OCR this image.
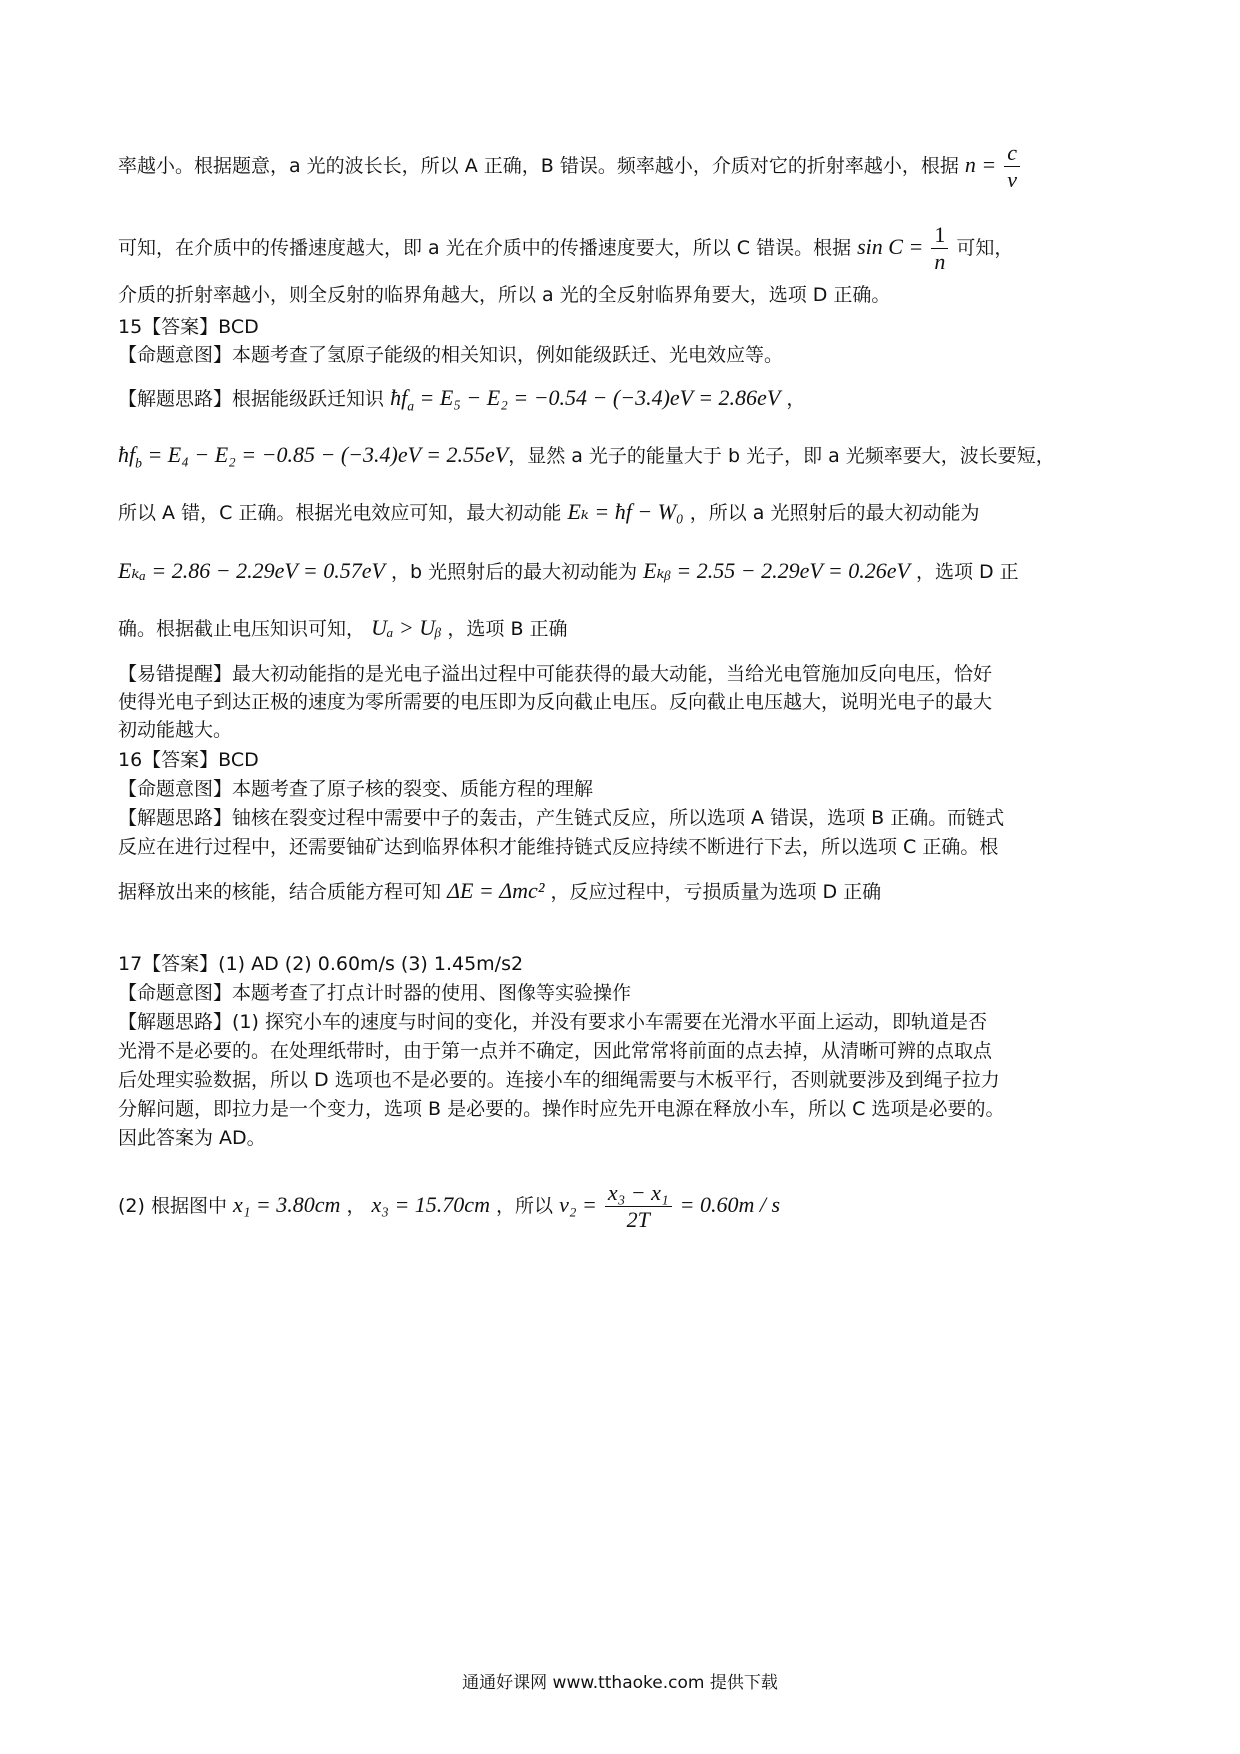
率越小。根据题意，a 光的波长长，所以 A 正确，B 错误。频率越小，介质对它的折射率越小，根据 $n = \frac{c}{v}$
可知，在介质中的传播速度越大，即 a 光在介质中的传播速度要大，所以 C 错误。根据 $\sin C = \frac{1}{n}$ 可知，
介质的折射率越小，则全反射的临界角越大，所以 a 光的全反射临界角要大，选项 D 正确。
15【答案】BCD
【命题意图】本题考查了氢原子能级的相关知识，例如能级跃迁、光电效应等。
【解题思路】根据能级跃迁知识 $ħf_a = E_5 - E_2 = -0.54 - (-3.4)eV = 2.86eV$ ，
$ħf_b = E_4 - E_2 = -0.85 - (-3.4)eV = 2.55eV$，显然 a 光子的能量大于 b 光子，即 a 光频率要大，波长要短，
所以 A 错，C 正确。根据光电效应可知，最大初动能 Eₖ = ħf − W₀ ，所以 a 光照射后的最大初动能为
Eₖₐ = 2.86 − 2.29eV = 0.57eV ，b 光照射后的最大初动能为 Eₖᵦ = 2.55 − 2.29eV = 0.26eV ，选项 D 正
确。根据截止电压知识可知， Uₐ > Uᵦ ，选项 B 正确
【易错提醒】最大初动能指的是光电子溢出过程中可能获得的最大动能，当给光电管施加反向电压，恰好
使得光电子到达正极的速度为零所需要的电压即为反向截止电压。反向截止电压越大，说明光电子的最大
初动能越大。
16【答案】BCD
【命题意图】本题考查了原子核的裂变、质能方程的理解
【解题思路】铀核在裂变过程中需要中子的轰击，产生链式反应，所以选项 A 错误，选项 B 正确。而链式
反应在进行过程中，还需要铀矿达到临界体积才能维持链式反应持续不断进行下去，所以选项 C 正确。根
据释放出来的核能，结合质能方程可知 ΔE = Δmc² ，反应过程中，亏损质量为选项 D 正确
17【答案】(1) AD (2) 0.60m/s (3) 1.45m/s2
【命题意图】本题考查了打点计时器的使用、图像等实验操作
【解题思路】(1) 探究小车的速度与时间的变化，并没有要求小车需要在光滑水平面上运动，即轨道是否
光滑不是必要的。在处理纸带时，由于第一点并不确定，因此常常将前面的点去掉，从清晰可辨的点取点
后处理实验数据，所以 D 选项也不是必要的。连接小车的细绳需要与木板平行，否则就要涉及到绳子拉力
分解问题，即拉力是一个变力，选项 B 是必要的。操作时应先开电源在释放小车，所以 C 选项是必要的。
因此答案为 AD。
(2) 根据图中 x₁ = 3.80cm ， x₃ = 15.70cm ，所以 $v_2 = \frac{\text{x₃ − x₁}}{2T} = 0.60m / s$
通通好课网 www.tthaoke.com 提供下载
